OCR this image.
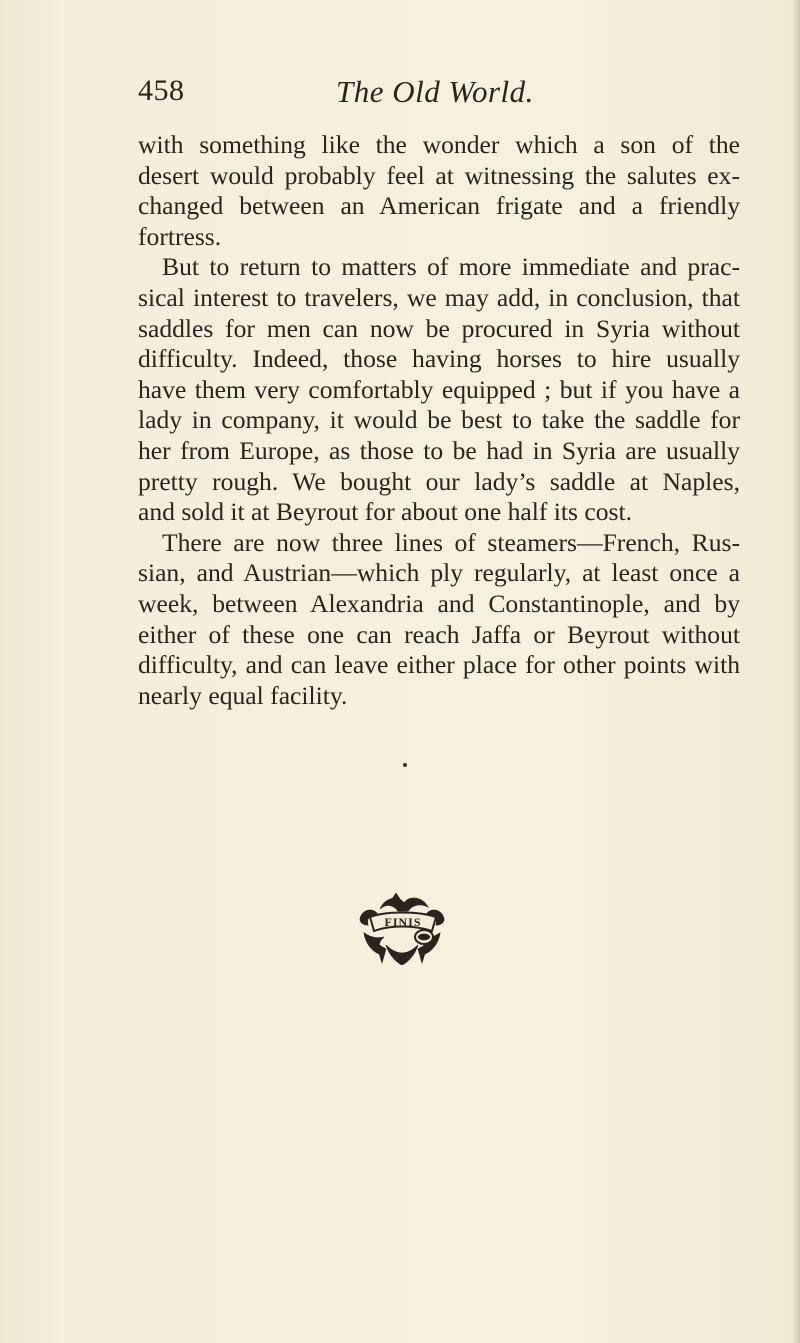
458	The Old World.
with something like the wonder which a son of the
desert would probably feel at witnessing the salutes ex-
changed between an American frigate and a friendly
fortress.
But to return to matters of more immediate and prac-
sical interest to travelers, we may add, in conclusion, that
saddles for men can now be procured in Syria without
difficulty. Indeed, those having horses to hire usually
have them very comfortably equipped ; but if you have a
lady in company, it would be best to take the saddle for
her from Europe, as those to be had in Syria are usually
pretty rough. We bought our lady’s saddle at Naples,
and sold it at Beyrout for about one half its cost.
There are now three lines of steamers—French, Rus-
sian, and Austrian—which ply regularly, at least once a
week, between Alexandria and Constantinople, and by
either of these one can reach Jaffa or Beyrout without
difficulty, and can leave either place for other points with
nearly equal facility.
FINIS
